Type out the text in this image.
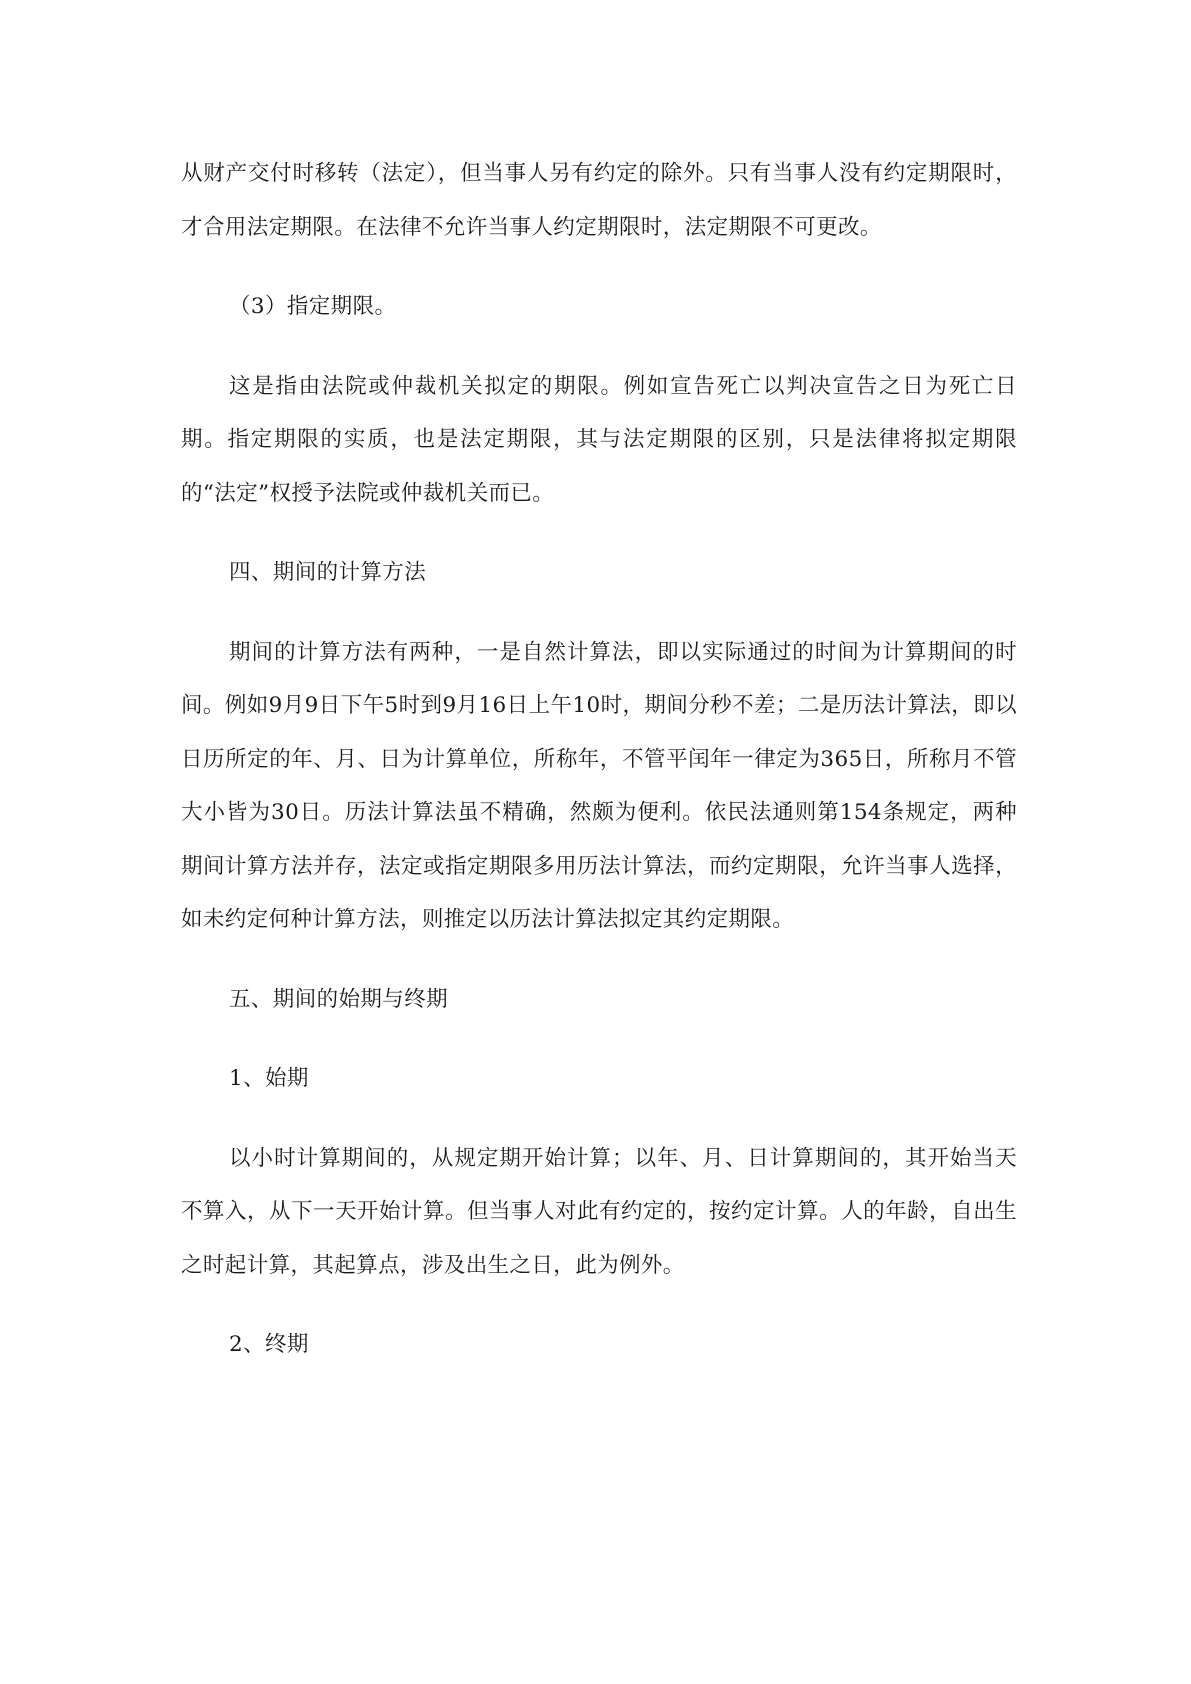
从财产交付时移转（法定），但当事人另有约定的除外。只有当事人没有约定期限时，才合用法定期限。在法律不允许当事人约定期限时，法定期限不可更改。

（3）指定期限。

这是指由法院或仲裁机关拟定的期限。例如宣告死亡以判决宣告之日为死亡日期。指定期限的实质，也是法定期限，其与法定期限的区别，只是法律将拟定期限的“法定”权授予法院或仲裁机关而已。

四、期间的计算方法

期间的计算方法有两种，一是自然计算法，即以实际通过的时间为计算期间的时间。例如9月9日下午5时到9月16日上午10时，期间分秒不差；二是历法计算法，即以日历所定的年、月、日为计算单位，所称年，不管平闰年一律定为365日，所称月不管大小皆为30日。历法计算法虽不精确，然颇为便利。依民法通则第154条规定，两种期间计算方法并存，法定或指定期限多用历法计算法，而约定期限，允许当事人选择，如未约定何种计算方法，则推定以历法计算法拟定其约定期限。

五、期间的始期与终期

1、始期

以小时计算期间的，从规定期开始计算；以年、月、日计算期间的，其开始当天不算入，从下一天开始计算。但当事人对此有约定的，按约定计算。人的年龄，自出生之时起计算，其起算点，涉及出生之日，此为例外。

2、终期
